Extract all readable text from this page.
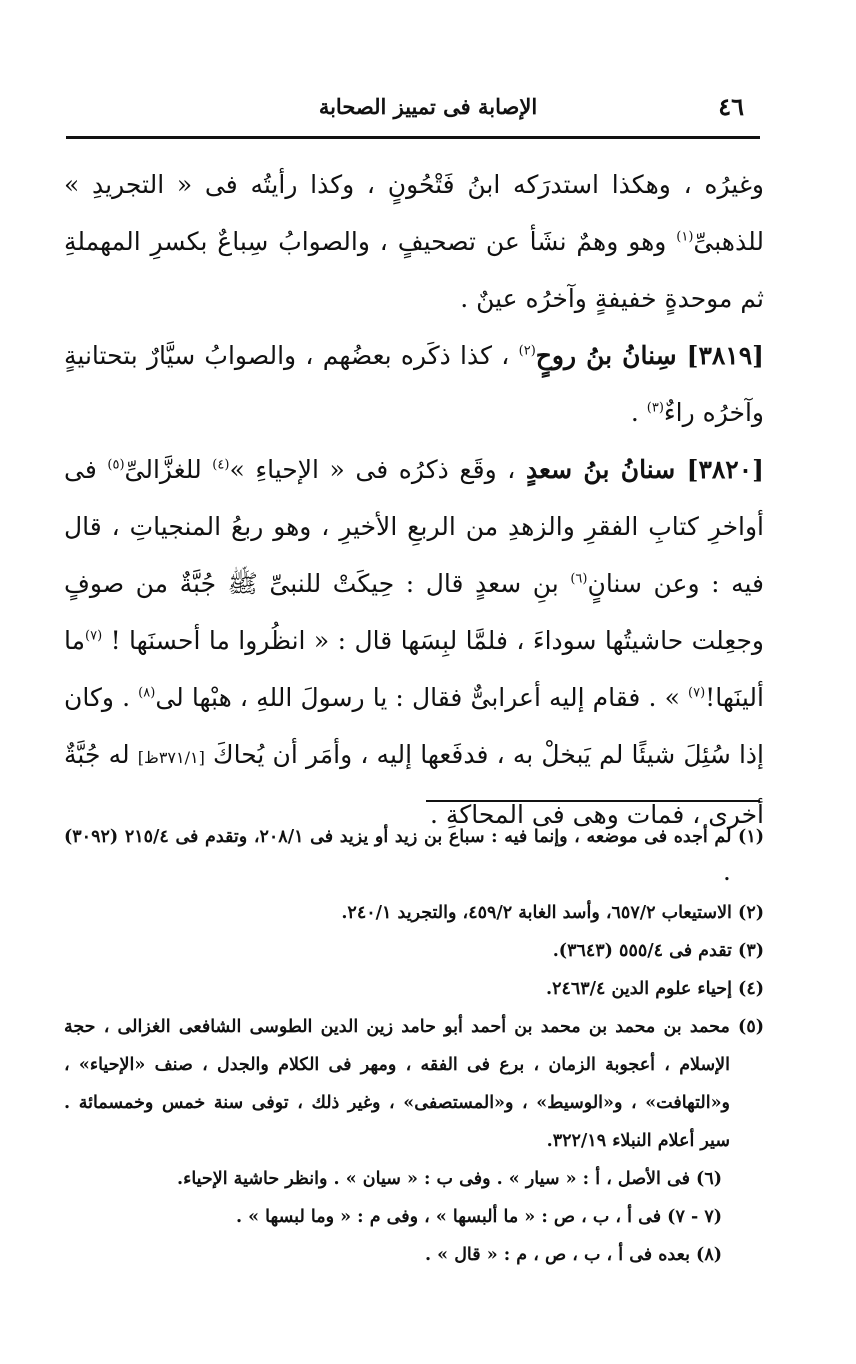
٤٦
الإصابة فى تمييز الصحابة

وغيرُه ، وهكذا استدرَكه ابنُ فَتْحُونٍ ، وكذا رأيتُه فى « التجريدِ » للذهبىِّ$^{(١)}$ وهو وهمٌ نشَأ عن تصحيفٍ ، والصوابُ سِباعٌ بكسرِ المهملةِ ثم موحدةٍ خفيفةٍ وآخرُه عينٌ .

[٣٨١٩] سِنانُ بنُ روحٍ$^{(٢)}$ ، كذا ذكَره بعضُهم ، والصوابُ سيَّارٌ بتحتانيةٍ وآخرُه راءٌ$^{(٣)}$ .

[٣٨٢٠] سنانُ بنُ سعدٍ ، وقَع ذكرُه فى « الإحياءِ »$^{(٤)}$ للغزَّالىِّ$^{(٥)}$ فى أواخرِ كتابِ الفقرِ والزهدِ من الربعِ الأخيرِ ، وهو ربعُ المنجياتِ ، قال فيه : وعن سنانٍ$^{(٦)}$ بنِ سعدٍ قال : حِيكَتْ للنبىِّ ﷺ جُبَّةٌ من صوفٍ وجعِلت حاشيتُها سوداءَ ، فلمَّا لبِسَها قال : « انظُروا ما أحسنَها ! $^{(٧)}$ما ألينَها!$^{(٧)}$ » . فقام إليه أعرابىٌّ فقال : يا رسولَ اللهِ ، هبْها لى$^{(٨)}$ . وكان إذا سُئِلَ شيئًا لم يَبخلْ به ، فدفَعها إليه ، وأمَر أن يُحاكَ [٣٧١/١ظ] له جُبَّةٌ أخرى ، فمات وهى فى المحاكةِ .

(١) لم أجده فى موضعه ، وإنما فيه : سباع بن زيد أو يزيد فى ٢٠٨/١، وتقدم فى ٢١٥/٤ (٣٠٩٢) .

(٢) الاستيعاب ٦٥٧/٢، وأسد الغابة ٤٥٩/٢، والتجريد ٢٤٠/١.

(٣) تقدم فى ٥٥٥/٤ (٣٦٤٣).

(٤) إحياء علوم الدين ٢٤٦٣/٤.

(٥) محمد بن محمد بن محمد بن أحمد أبو حامد زين الدين الطوسى الشافعى الغزالى ، حجة الإسلام ، أعجوبة الزمان ، برع فى الفقه ، ومهر فى الكلام والجدل ، صنف «الإحياء» ، و«التهافت» ، و«الوسيط» ، و«المستصفى» ، وغير ذلك ، توفى سنة خمس وخمسمائة . سير أعلام النبلاء ٣٢٢/١٩.

(٦) فى الأصل ، أ : « سيار » . وفى ب : « سيان » . وانظر حاشية الإحياء.

(٧ - ٧) فى أ ، ب ، ص : « ما ألبسها » ، وفى م : « وما لبسها » .

(٨) بعده فى أ ، ب ، ص ، م : « قال » .
